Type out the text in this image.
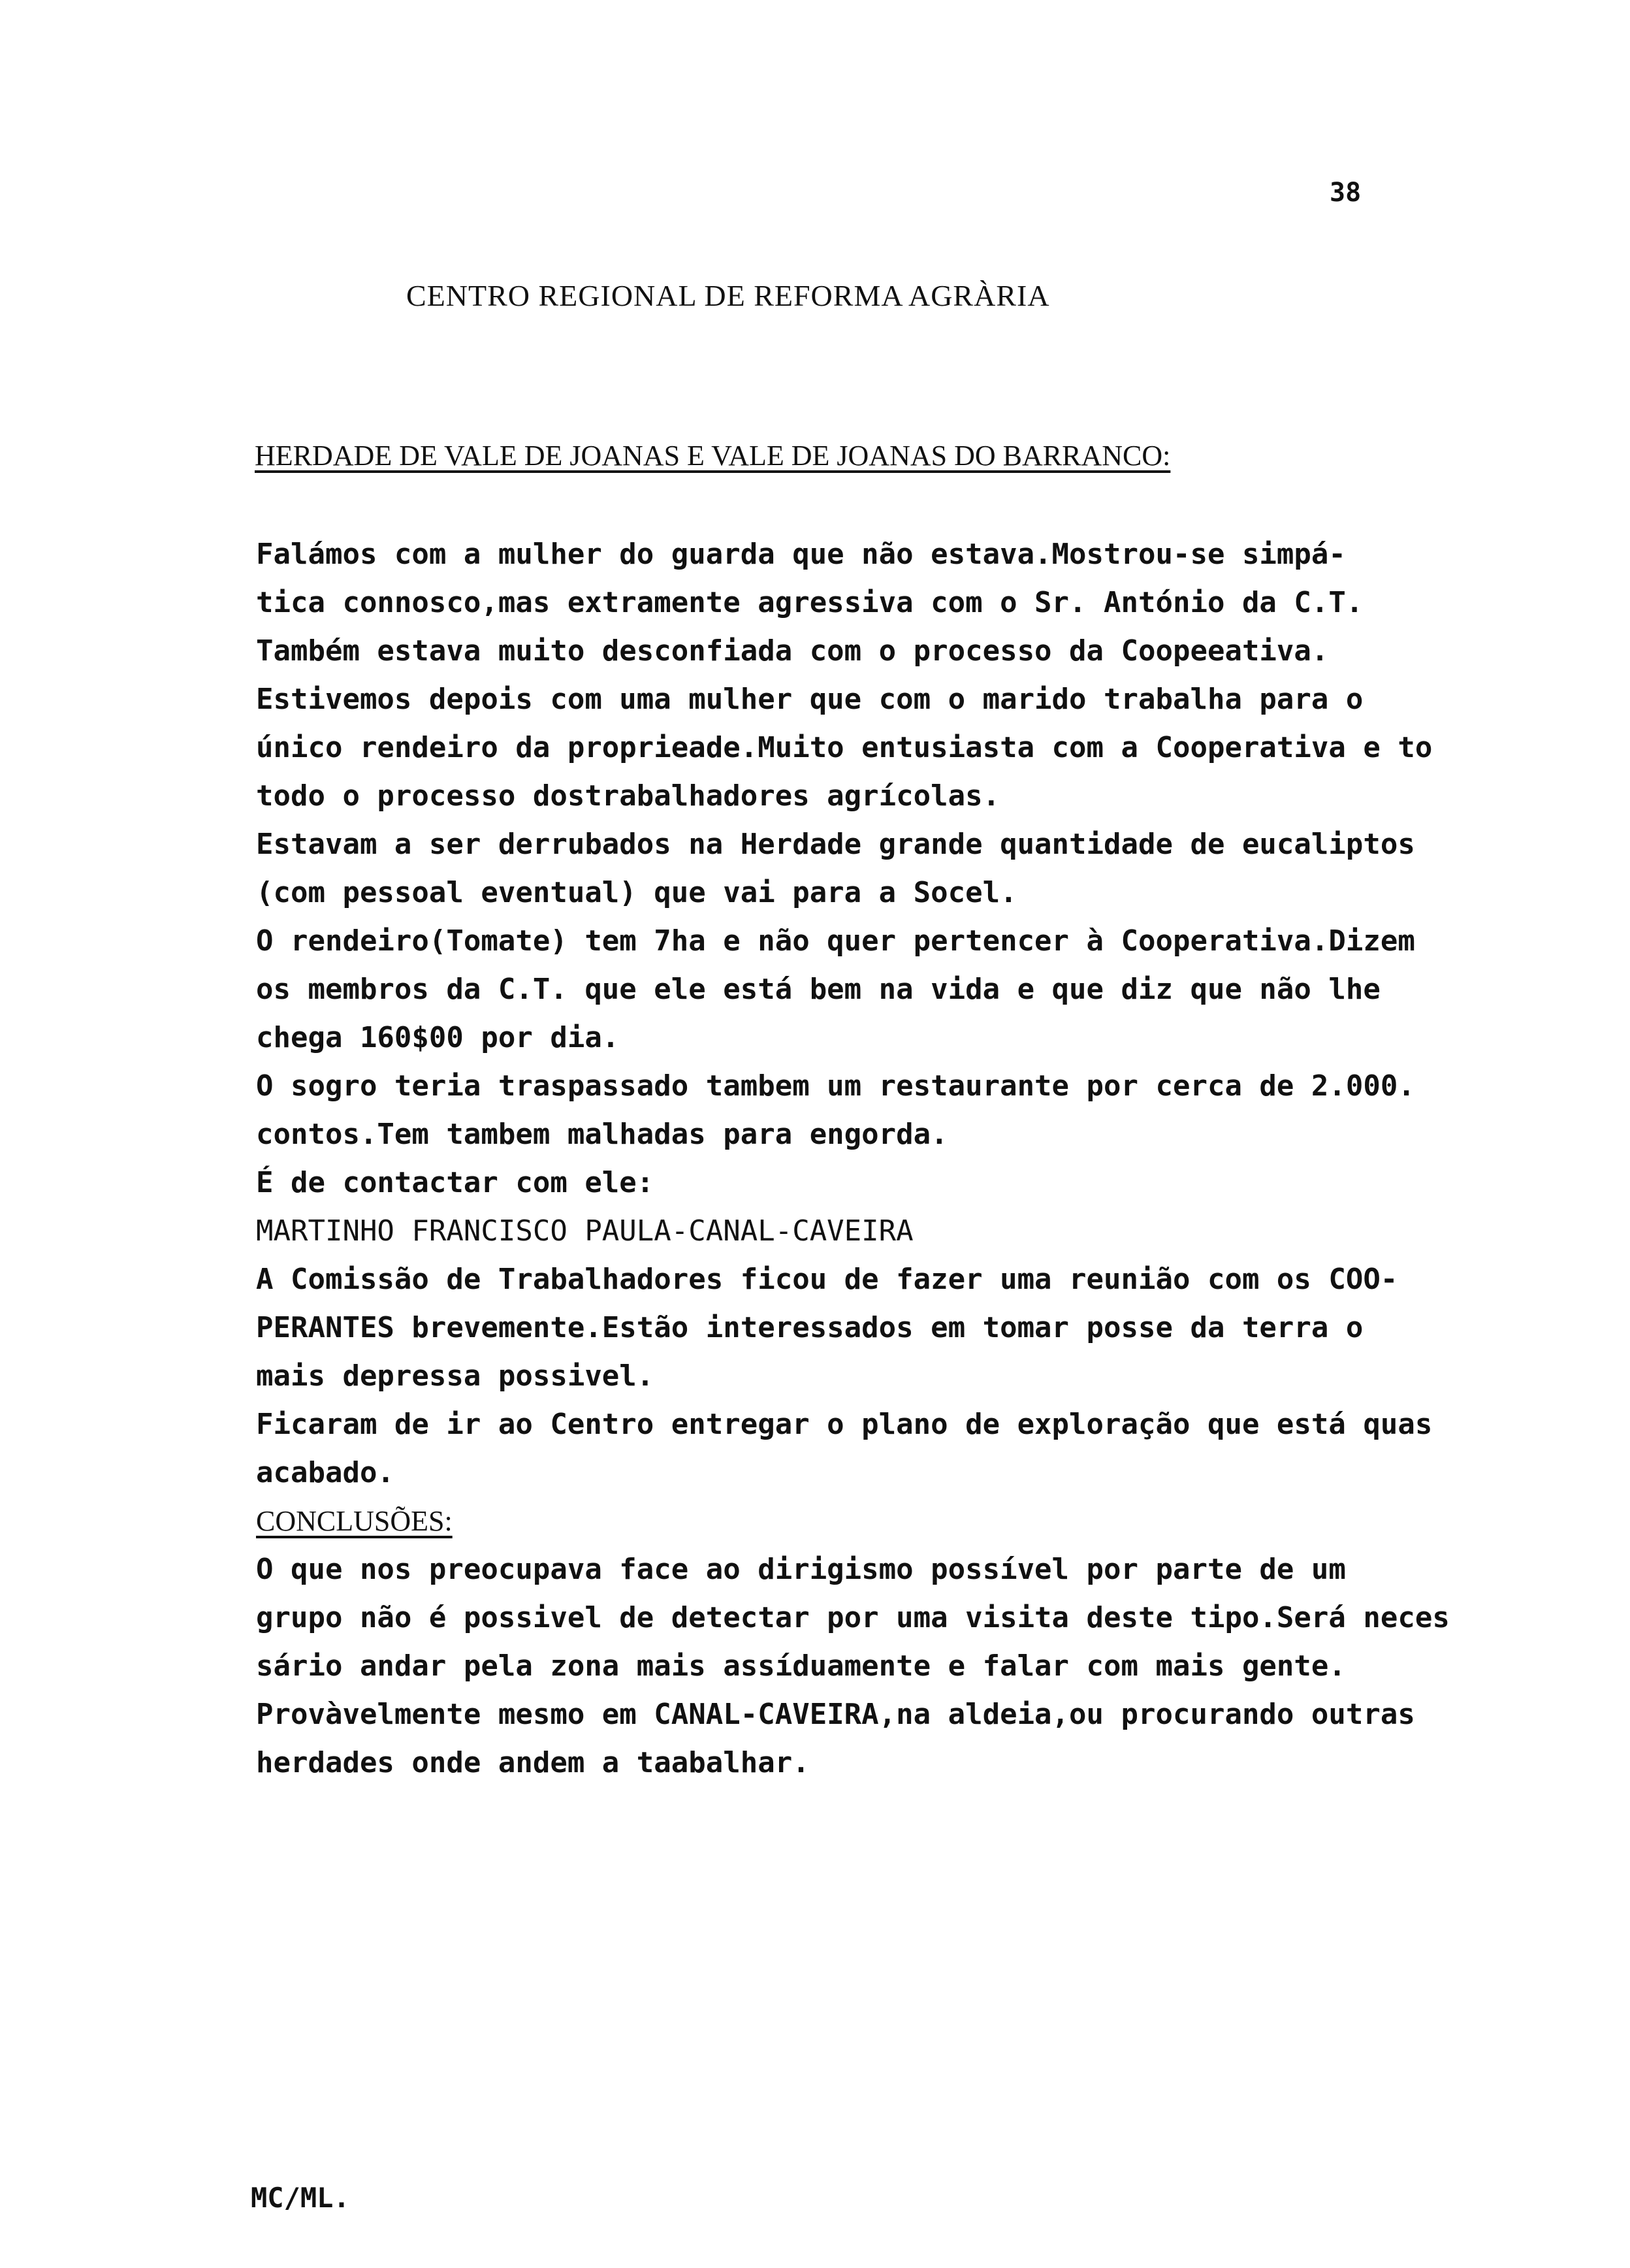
38
CENTRO REGIONAL DE REFORMA AGRÀRIA
HERDADE DE VALE DE JOANAS E VALE DE JOANAS DO BARRANCO:
Falámos com a mulher do guarda que não estava.Mostrou-se simpá-
tica connosco,mas extramente agressiva com o Sr. António da C.T.
Também estava muito desconfiada com o processo da Coopeeativa.
Estivemos depois com uma mulher que com o marido trabalha para o
único rendeiro da proprieade.Muito entusiasta com a Cooperativa e to
todo o processo dostrabalhadores agrícolas.
Estavam a ser derrubados na Herdade grande quantidade de eucaliptos
(com pessoal eventual) que vai para a Socel.
O rendeiro(Tomate) tem 7ha e não quer pertencer à Cooperativa.Dizem
os membros da C.T. que ele está bem na vida e que diz que não lhe
chega 160$00 por dia.
O sogro teria traspassado tambem um restaurante por cerca de 2.000.
contos.Tem tambem malhadas para engorda.
É de contactar com ele:
MARTINHO FRANCISCO PAULA-CANAL-CAVEIRA
A Comissão de Trabalhadores ficou de fazer uma reunião com os COO-
PERANTES brevemente.Estão interessados em tomar posse da terra o
mais depressa possivel.
Ficaram de ir ao Centro entregar o plano de exploração que está quas
acabado.
CONCLUSÕES:
O que nos preocupava face ao dirigismo possível por parte de um
grupo não é possivel de detectar por uma visita deste tipo.Será neces
sário andar pela zona mais assíduamente e falar com mais gente.
Provàvelmente mesmo em CANAL-CAVEIRA,na aldeia,ou procurando outras
herdades onde andem a taabalhar.
MC/ML.
